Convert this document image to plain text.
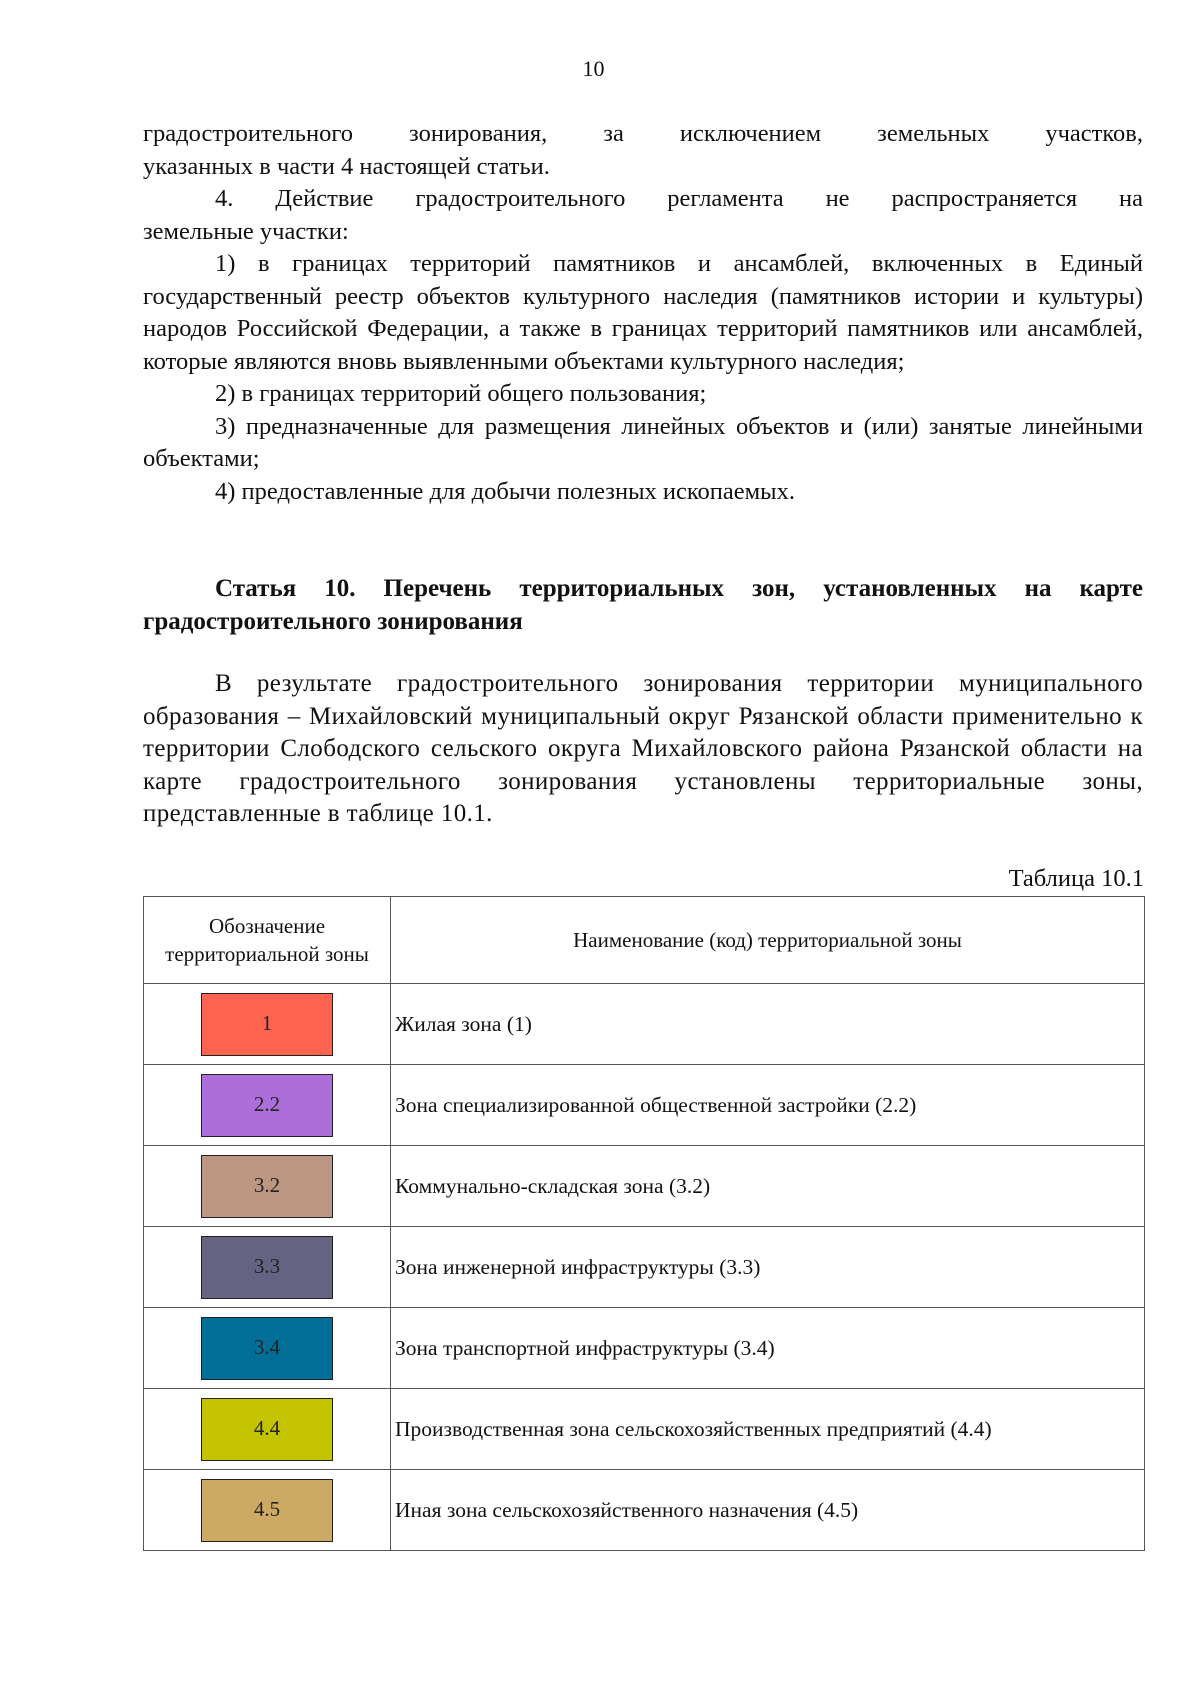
10

градостроительного зонирования, за исключением земельных участков,

указанных в части 4 настоящей статьи.

4. Действие градостроительного регламента не распространяется на

земельные участки:

1) в границах территорий памятников и ансамблей, включенных в Единый государственный реестр объектов культурного наследия (памятников истории и культуры) народов Российской Федерации, а также в границах территорий памятников или ансамблей, которые являются вновь выявленными объектами культурного наследия;

2) в границах территорий общего пользования;

3) предназначенные для размещения линейных объектов и (или) занятые линейными объектами;

4) предоставленные для добычи полезных ископаемых.

Статья 10. Перечень территориальных зон, установленных на карте
градостроительного зонирования

В результате градостроительного зонирования территории муниципального образования – Михайловский муниципальный округ Рязанской области применительно к территории Слободского сельского округа Михайловского района Рязанской области на карте градостроительного зонирования установлены территориальные зоны, представленные в таблице 10.1.

Таблица 10.1
Обозначение территориальной зоны	Наименование (код) территориальной зоны
1	Жилая зона (1)
2.2	Зона специализированной общественной застройки (2.2)
3.2	Коммунально-складская зона (3.2)
3.3	Зона инженерной инфраструктуры (3.3)
3.4	Зона транспортной инфраструктуры (3.4)
4.4	Производственная зона сельскохозяйственных предприятий (4.4)
4.5	Иная зона сельскохозяйственного назначения (4.5)
